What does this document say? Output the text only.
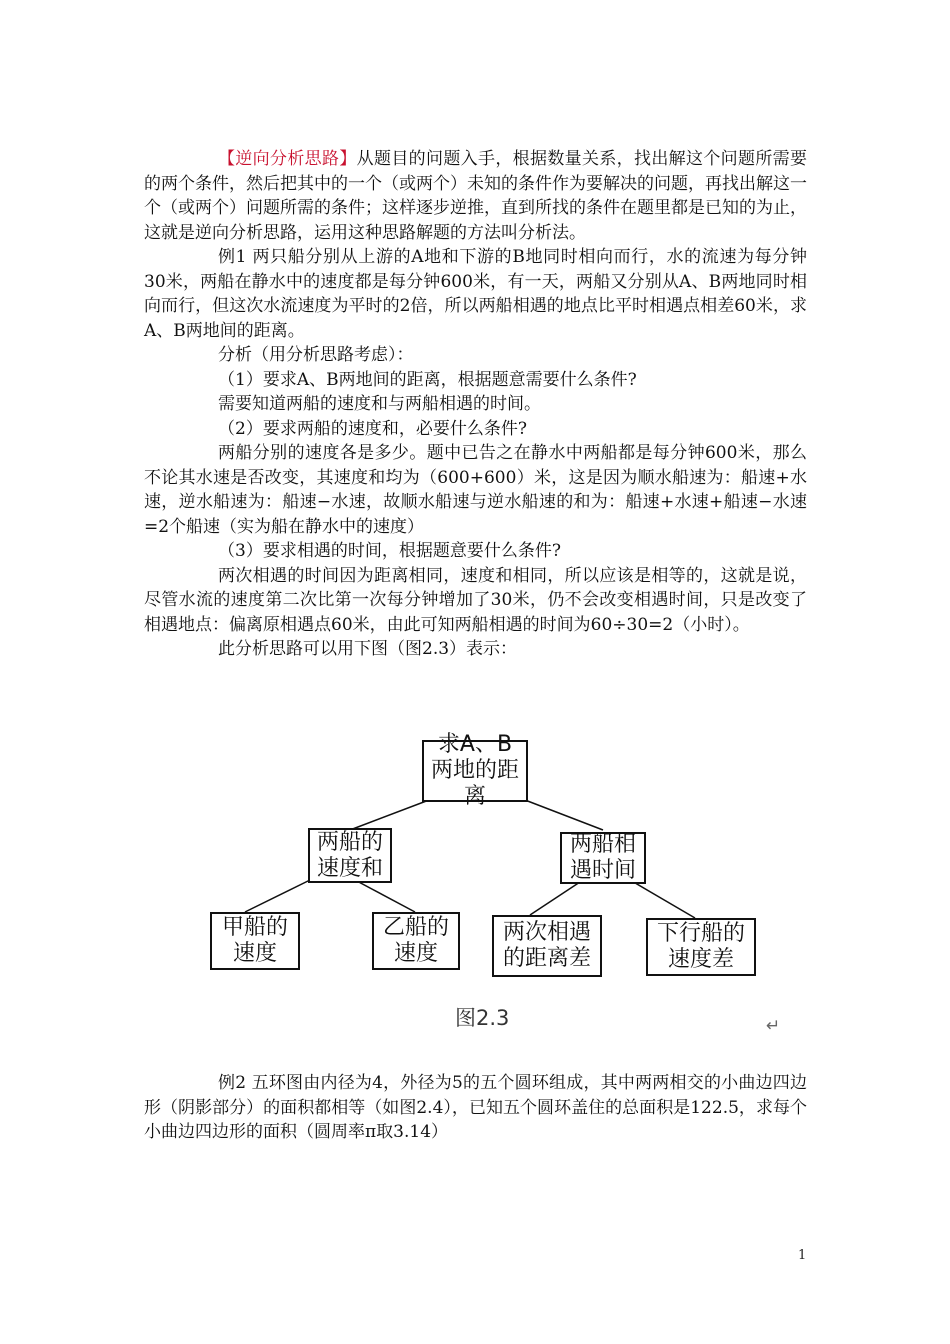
【逆向分析思路】从题目的问题入手，根据数量关系，找出解这个问题所需要的两个条件，然后把其中的一个（或两个）未知的条件作为要解决的问题，再找出解这一个（或两个）问题所需的条件；这样逐步逆推，直到所找的条件在题里都是已知的为止，这就是逆向分析思路，运用这种思路解题的方法叫分析法。

例1 两只船分别从上游的A地和下游的B地同时相向而行，水的流速为每分钟30米，两船在静水中的速度都是每分钟600米，有一天，两船又分别从A、B两地同时相向而行，但这次水流速度为平时的2倍，所以两船相遇的地点比平时相遇点相差60米，求A、B两地间的距离。

分析（用分析思路考虑）：

（1）要求A、B两地间的距离，根据题意需要什么条件?

需要知道两船的速度和与两船相遇的时间。

（2）要求两船的速度和，必要什么条件?

两船分别的速度各是多少。题中已告之在静水中两船都是每分钟600米，那么不论其水速是否改变，其速度和均为（600+600）米，这是因为顺水船速为：船速+水速，逆水船速为：船速−水速，故顺水船速与逆水船速的和为：船速+水速+船速−水速=2个船速（实为船在静水中的速度）

（3）要求相遇的时间，根据题意要什么条件?

两次相遇的时间因为距离相同，速度和相同，所以应该是相等的，这就是说，尽管水流的速度第二次比第一次每分钟增加了30米，仍不会改变相遇时间，只是改变了相遇地点：偏离原相遇点60米，由此可知两船相遇的时间为60÷30=2（小时）。

此分析思路可以用下图（图2.3）表示：

求A、B两地的距离
两船的速度和
两船相遇时间
甲船的速度
乙船的速度
两次相遇的距离差
下行船的速度差
图2.3	↵

例2 五环图由内径为4，外径为5的五个圆环组成，其中两两相交的小曲边四边形（阴影部分）的面积都相等（如图2.4），已知五个圆环盖住的总面积是122.5，求每个小曲边四边形的面积（圆周率π取3.14）

1
